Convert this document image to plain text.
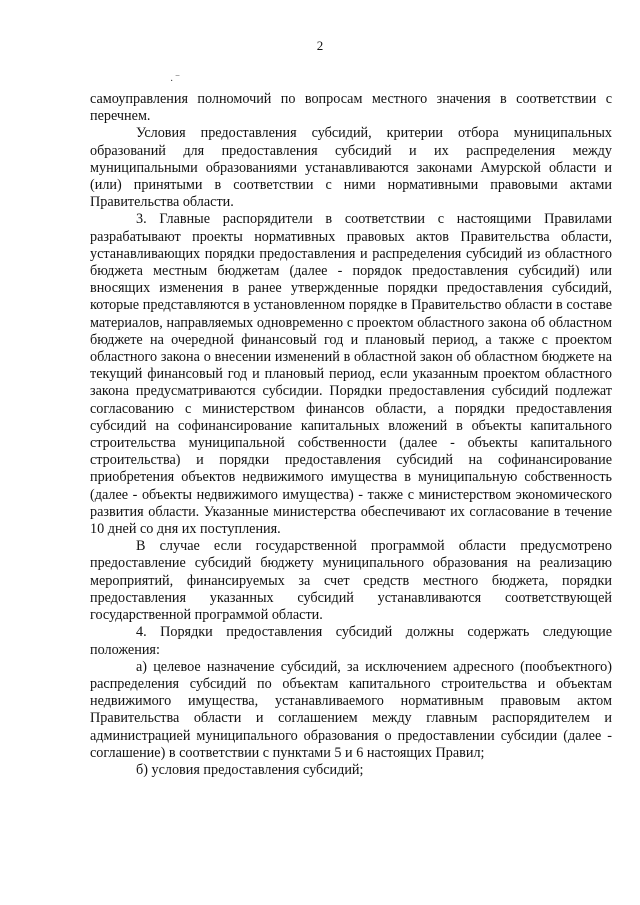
2
· ‾

самоуправления полномочий по вопросам местного значения в соответствии с перечнем.

Условия предоставления субсидий, критерии отбора муниципальных образований для предоставления субсидий и их распределения между муниципальными образованиями устанавливаются законами Амурской области и (или) принятыми в соответствии с ними нормативными правовыми актами Правительства области.

3. Главные распорядители в соответствии с настоящими Правилами разрабатывают проекты нормативных правовых актов Правительства области, устанавливающих порядки предоставления и распределения субсидий из областного бюджета местным бюджетам (далее - порядок предоставления субсидий) или вносящих изменения в ранее утвержденные порядки предоставления субсидий, которые представляются в установленном порядке в Правительство области в составе материалов, направляемых одновременно с проектом областного закона об областном бюджете на очередной финансовый год и плановый период, а также с проектом областного закона о внесении изменений в областной закон об областном бюджете на текущий финансовый год и плановый период, если указанным проектом областного закона предусматриваются субсидии. Порядки предоставления субсидий подлежат согласованию с министерством финансов области, а порядки предоставления субсидий на софинансирование капитальных вложений в объекты капитального строительства муниципальной собственности (далее - объекты капитального строительства) и порядки предоставления субсидий на софинансирование приобретения объектов недвижимого имущества в муниципальную собственность (далее - объекты недвижимого имущества) - также с министерством экономического развития области. Указанные министерства обеспечивают их согласование в течение 10 дней со дня их поступления.

В случае если государственной программой области предусмотрено предоставление субсидий бюджету муниципального образования на реализацию мероприятий, финансируемых за счет средств местного бюджета, порядки предоставления указанных субсидий устанавливаются соответствующей государственной программой области.

4. Порядки предоставления субсидий должны содержать следующие положения:

а) целевое назначение субсидий, за исключением адресного (пообъектного) распределения субсидий по объектам капитального строительства и объектам недвижимого имущества, устанавливаемого нормативным правовым актом Правительства области и соглашением между главным распорядителем и администрацией муниципального образования о предоставлении субсидии (далее - соглашение) в соответствии с пунктами 5 и 6 настоящих Правил;

б) условия предоставления субсидий;
